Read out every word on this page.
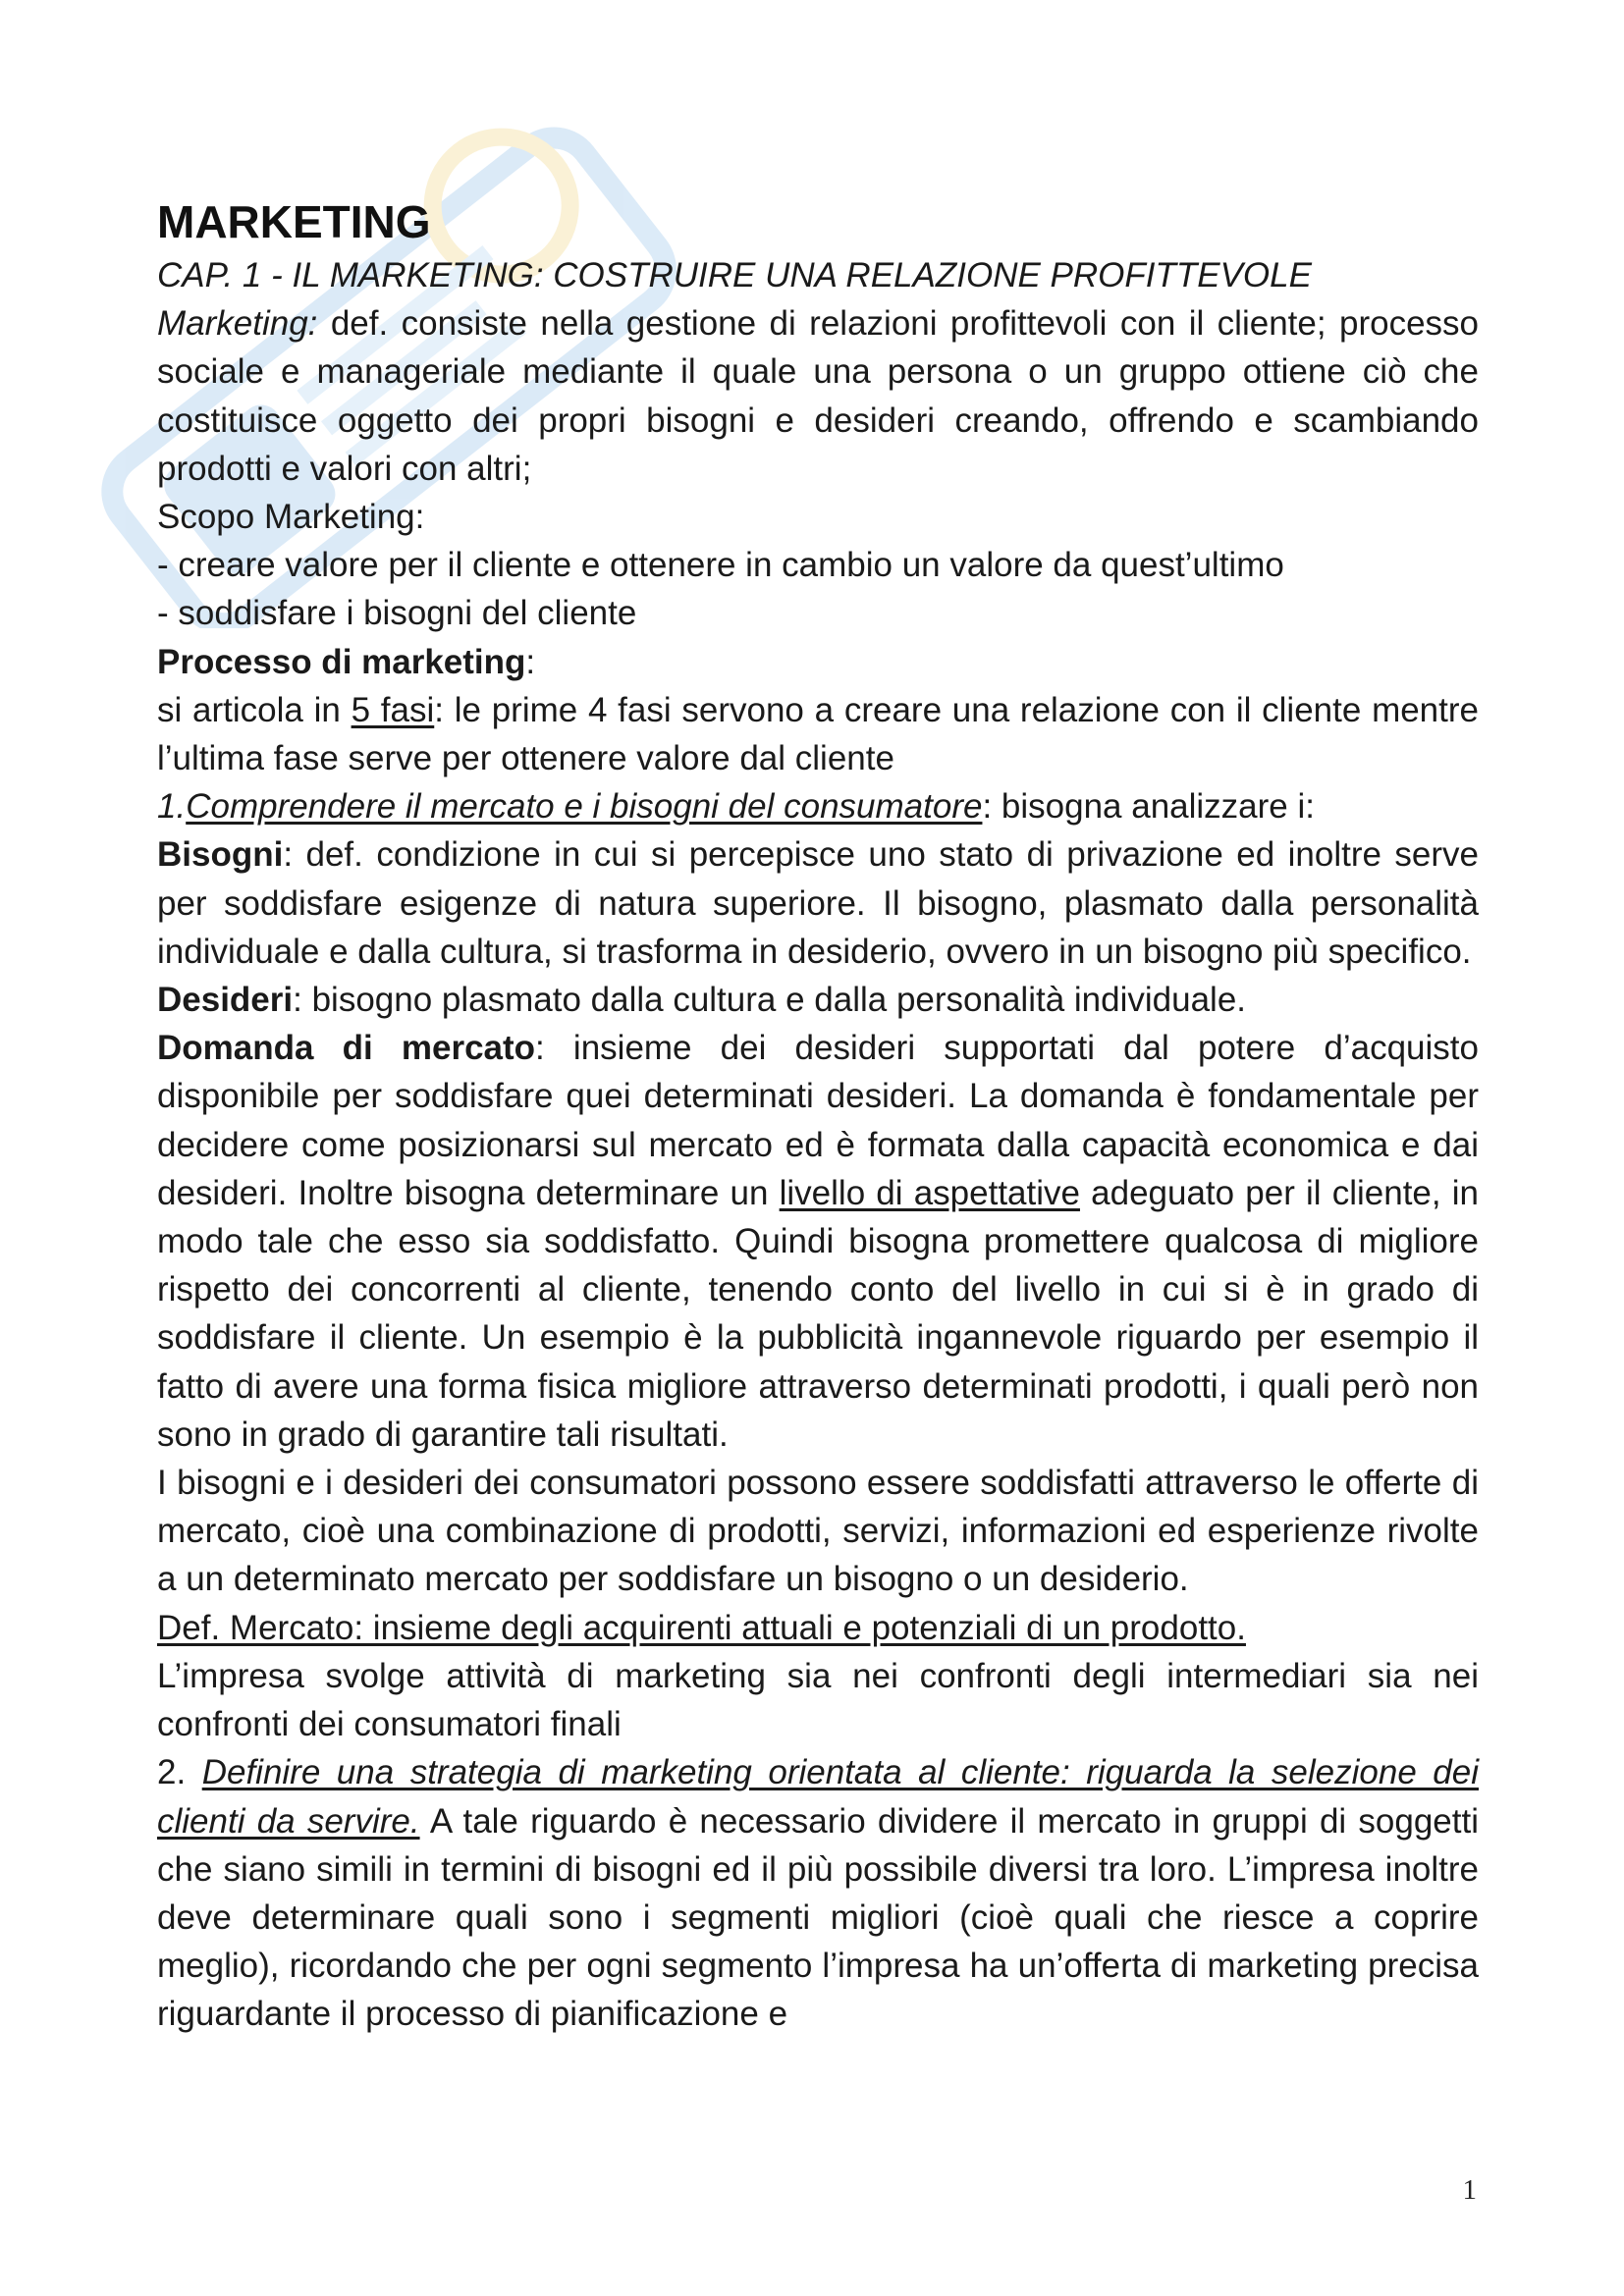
MARKETING

CAP. 1 - IL MARKETING: COSTRUIRE UNA RELAZIONE PROFITTEVOLE

Marketing: def. consiste nella gestione di relazioni profittevoli con il cliente; processo sociale e manageriale mediante il quale una persona o un gruppo ottiene ciò che costituisce oggetto dei propri bisogni e desideri creando, offrendo e scambiando prodotti e valori con altri;

Scopo Marketing:

- creare valore per il cliente e ottenere in cambio un valore da quest’ultimo

- soddisfare i bisogni del cliente

Processo di marketing:

si articola in 5 fasi: le prime 4 fasi servono a creare una relazione con il cliente mentre l’ultima fase serve per ottenere valore dal cliente

1.Comprendere il mercato e i bisogni del consumatore: bisogna analizzare i:

Bisogni: def. condizione in cui si percepisce uno stato di privazione ed inoltre serve per soddisfare esigenze di natura superiore. Il bisogno, plasmato dalla personalità individuale e dalla cultura, si trasforma in desiderio, ovvero in un bisogno più specifico.

Desideri: bisogno plasmato dalla cultura e dalla personalità individuale.

Domanda di mercato: insieme dei desideri supportati dal potere d’acquisto disponibile per soddisfare quei determinati desideri. La domanda è fondamentale per decidere come posizionarsi sul mercato ed è formata dalla capacità economica e dai desideri. Inoltre bisogna determinare un livello di aspettative adeguato per il cliente, in modo tale che esso sia soddisfatto. Quindi bisogna promettere qualcosa di migliore rispetto dei concorrenti al cliente, tenendo conto del livello in cui si è in grado di soddisfare il cliente. Un esempio è la pubblicità ingannevole riguardo per esempio il fatto di avere una forma fisica migliore attraverso determinati prodotti, i quali però non sono in grado di garantire tali risultati.

I bisogni e i desideri dei consumatori possono essere soddisfatti attraverso le offerte di mercato, cioè una combinazione di prodotti, servizi, informazioni ed esperienze rivolte a un determinato mercato per soddisfare un bisogno o un desiderio.

Def. Mercato: insieme degli acquirenti attuali e potenziali di un prodotto.

L’impresa svolge attività di marketing sia nei confronti degli intermediari sia nei confronti dei consumatori finali

2. Definire una strategia di marketing orientata al cliente: riguarda la selezione dei clienti da servire. A tale riguardo è necessario dividere il mercato in gruppi di soggetti che siano simili in termini di bisogni ed il più possibile diversi tra loro. L’impresa inoltre deve determinare quali sono i segmenti migliori (cioè quali che riesce a coprire meglio), ricordando che per ogni segmento l’impresa ha un’offerta di marketing precisa riguardante il processo di pianificazione e

1
